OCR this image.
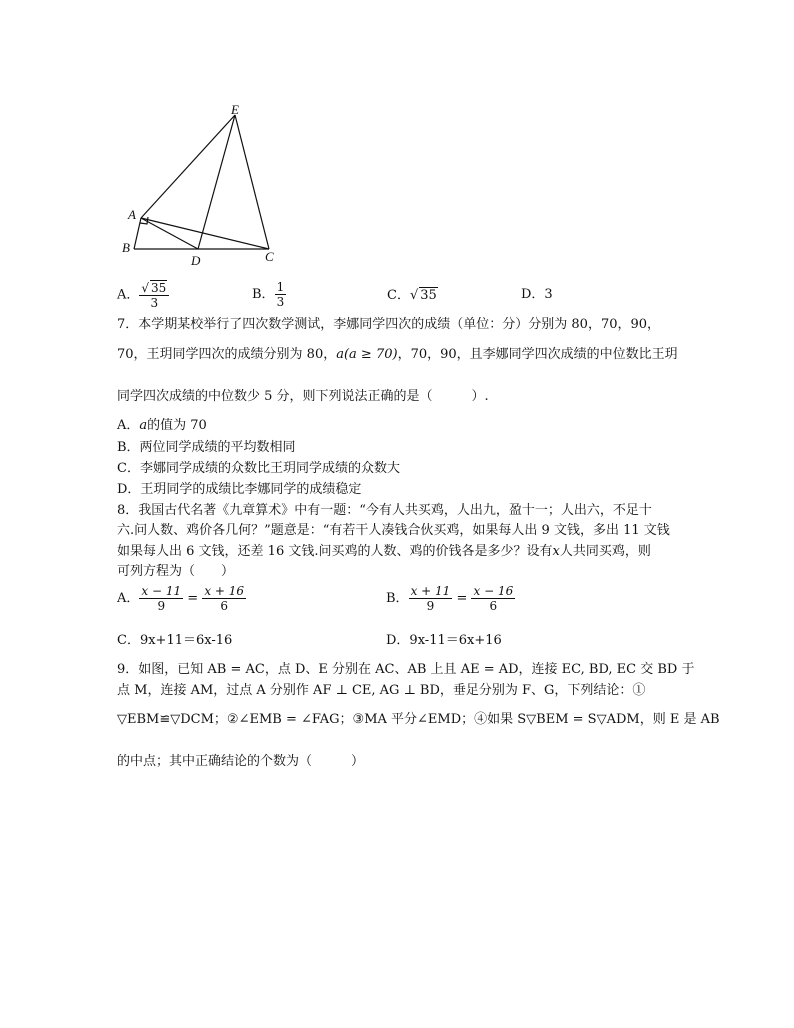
E
A
B
D	C
A． $\frac{√ 35}{3}$	B． $\frac{1}{3}$	C．√ 35	D．3
7．本学期某校举行了四次数学测试，李娜同学四次的成绩（单位：分）分别为 80，70，90，
70，王玥同学四次的成绩分别为 80，a(a ≥ 70)，70，90，且李娜同学四次成绩的中位数比王玥
同学四次成绩的中位数少 5 分，则下列说法正确的是（　　　）.
A．a的值为 70
B．两位同学成绩的平均数相同
C．李娜同学成绩的众数比王玥同学成绩的众数大
D．王玥同学的成绩比李娜同学的成绩稳定
8．我国古代名著《九章算术》中有一题：“今有人共买鸡，人出九，盈十一；人出六，不足十
六.问人数、鸡价各几何？”题意是：“有若干人凑钱合伙买鸡，如果每人出 9 文钱，多出 11 文钱
如果每人出 6 文钱，还差 16 文钱.问买鸡的人数、鸡的价钱各是多少？设有x人共同买鸡，则
可列方程为（　　）
A． $\frac{x - 11}{9} = \frac{x + 16}{6}$	B． $\frac{x + 11}{9} = \frac{x - 16}{6}$
C．9x+11＝6x-16	D．9x-11＝6x+16
9．如图，已知 AB = AC，点 D、E 分别在 AC、AB 上且 AE = AD，连接 EC, BD, EC 交 BD 于
点 M，连接 AM，过点 A 分别作 AF ⊥ CE, AG ⊥ BD，垂足分别为 F、G，下列结论：①
▽EBM≌▽DCM；②∠EMB = ∠FAG；③MA 平分∠EMD；④如果 S▽BEM = S▽ADM，则 E 是 AB
的中点；其中正确结论的个数为（　　　）
